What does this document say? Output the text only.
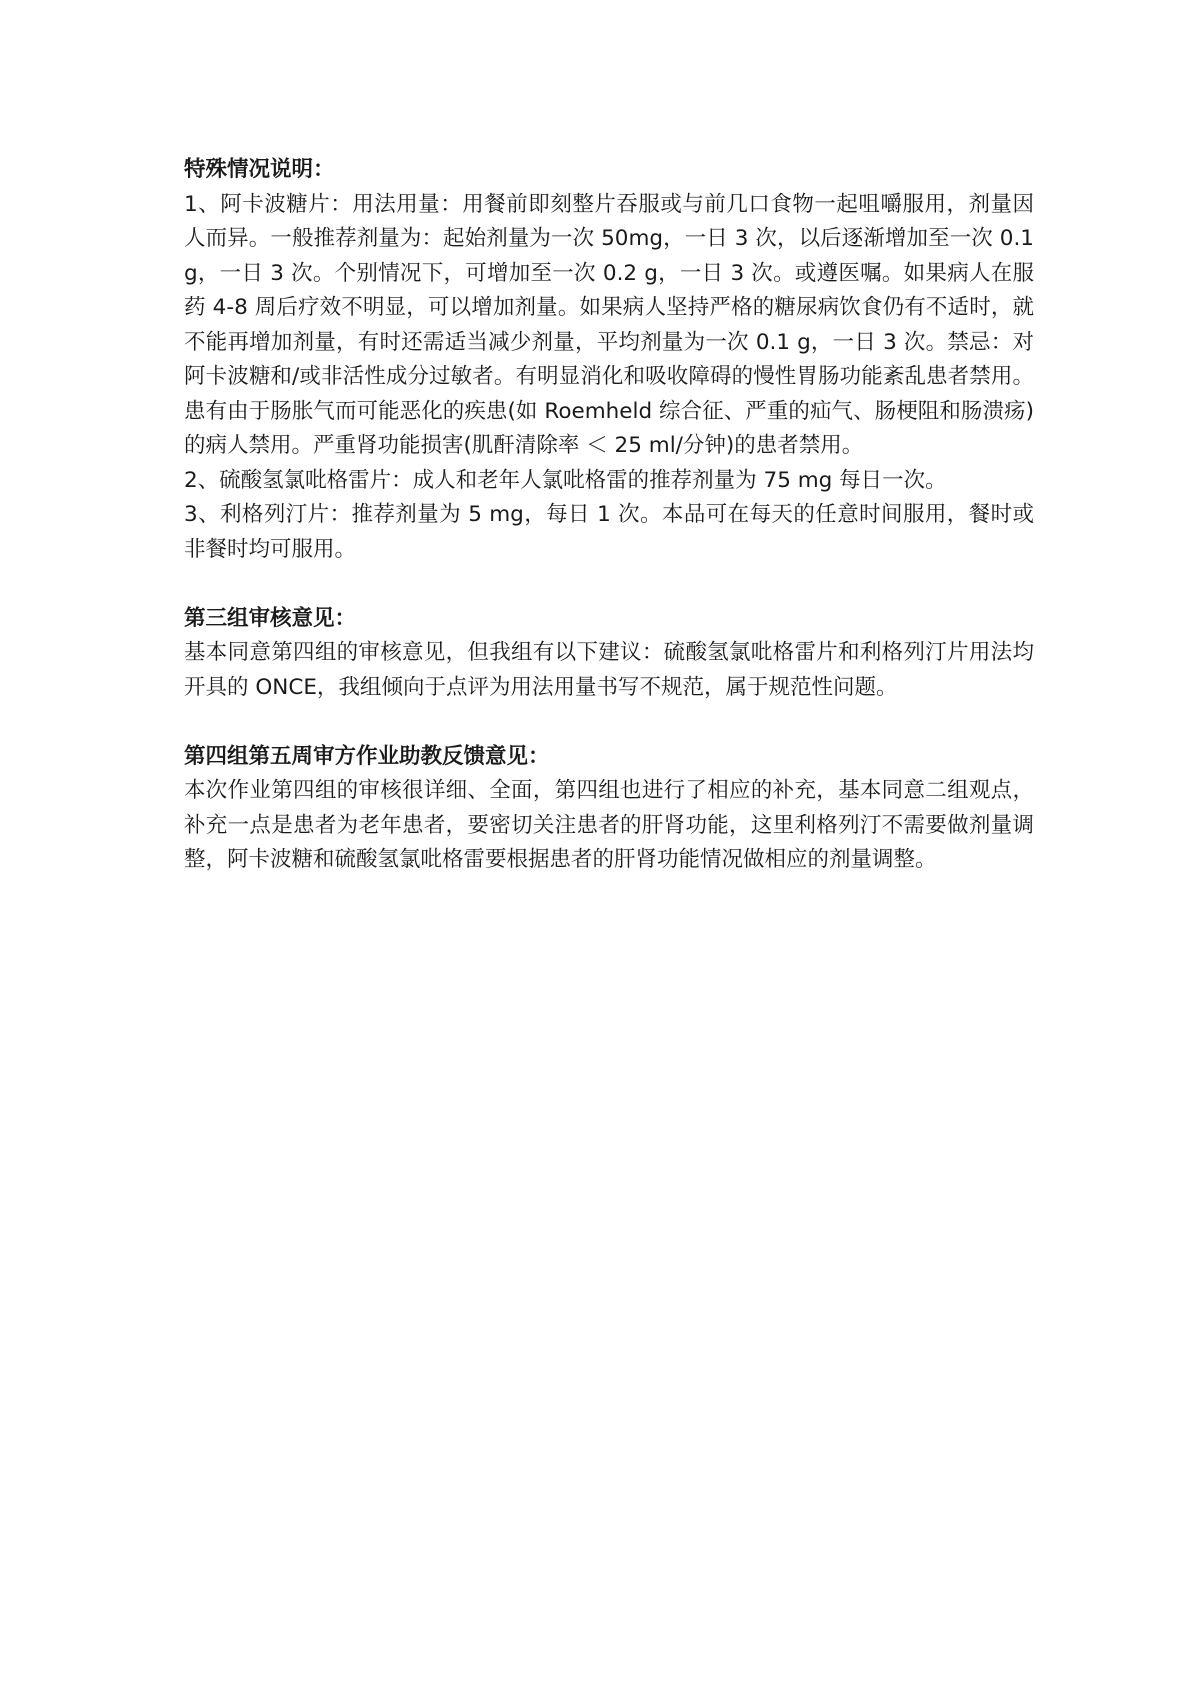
特殊情况说明：

1、阿卡波糖片：用法用量：用餐前即刻整片吞服或与前几口食物一起咀嚼服用，剂量因人而异。一般推荐剂量为：起始剂量为一次 50mg，一日 3 次，以后逐渐增加至一次 0.1g，一日 3 次。个别情况下，可增加至一次 0.2 g，一日 3 次。或遵医嘱。如果病人在服药 4-8 周后疗效不明显，可以增加剂量。如果病人坚持严格的糖尿病饮食仍有不适时，就不能再增加剂量，有时还需适当减少剂量，平均剂量为一次 0.1 g，一日 3 次。禁忌：对阿卡波糖和/或非活性成分过敏者。有明显消化和吸收障碍的慢性胃肠功能紊乱患者禁用。患有由于肠胀气而可能恶化的疾患(如 Roemheld 综合征、严重的疝气、肠梗阻和肠溃疡)的病人禁用。严重肾功能损害(肌酐清除率 ＜ 25 ml/分钟)的患者禁用。

2、硫酸氢氯吡格雷片：成人和老年人氯吡格雷的推荐剂量为 75 mg 每日一次。

3、利格列汀片：推荐剂量为 5 mg，每日 1 次。本品可在每天的任意时间服用，餐时或非餐时均可服用。

第三组审核意见：

基本同意第四组的审核意见，但我组有以下建议：硫酸氢氯吡格雷片和利格列汀片用法均开具的 ONCE，我组倾向于点评为用法用量书写不规范，属于规范性问题。

第四组第五周审方作业助教反馈意见：

本次作业第四组的审核很详细、全面，第四组也进行了相应的补充，基本同意二组观点，补充一点是患者为老年患者，要密切关注患者的肝肾功能，这里利格列汀不需要做剂量调整，阿卡波糖和硫酸氢氯吡格雷要根据患者的肝肾功能情况做相应的剂量调整。
